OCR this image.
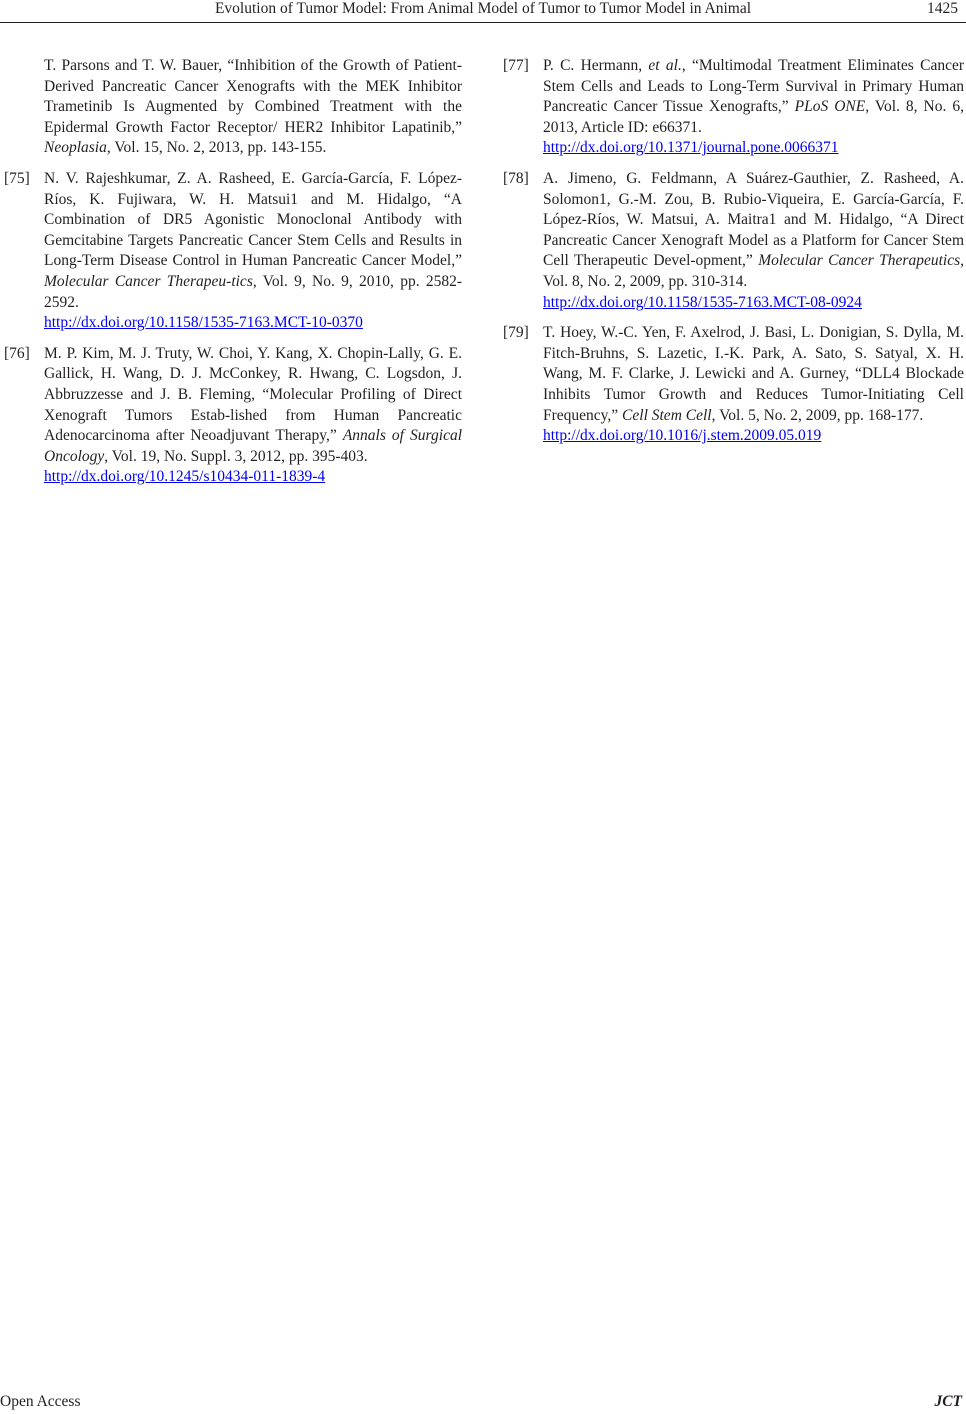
Evolution of Tumor Model: From Animal Model of Tumor to Tumor Model in Animal	1425
T. Parsons and T. W. Bauer, “Inhibition of the Growth of Patient-Derived Pancreatic Cancer Xenografts with the MEK Inhibitor Trametinib Is Augmented by Combined Treatment with the Epidermal Growth Factor Receptor/ HER2 Inhibitor Lapatinib,” Neoplasia, Vol. 15, No. 2, 2013, pp. 143-155.
[75] N. V. Rajeshkumar, Z. A. Rasheed, E. García-García, F. López-Ríos, K. Fujiwara, W. H. Matsui1 and M. Hidalgo, “A Combination of DR5 Agonistic Monoclonal Antibody with Gemcitabine Targets Pancreatic Cancer Stem Cells and Results in Long-Term Disease Control in Human Pancreatic Cancer Model,” Molecular Cancer Therapeu-tics, Vol. 9, No. 9, 2010, pp. 2582-2592.
http://dx.doi.org/10.1158/1535-7163.MCT-10-0370
[76] M. P. Kim, M. J. Truty, W. Choi, Y. Kang, X. Chopin-Lally, G. E. Gallick, H. Wang, D. J. McConkey, R. Hwang, C. Logsdon, J. Abbruzzesse and J. B. Fleming, “Molecular Profiling of Direct Xenograft Tumors Estab-lished from Human Pancreatic Adenocarcinoma after Neoadjuvant Therapy,” Annals of Surgical Oncology, Vol. 19, No. Suppl. 3, 2012, pp. 395-403.
http://dx.doi.org/10.1245/s10434-011-1839-4
[77] P. C. Hermann, et al., “Multimodal Treatment Eliminates Cancer Stem Cells and Leads to Long-Term Survival in Primary Human Pancreatic Cancer Tissue Xenografts,” PLoS ONE, Vol. 8, No. 6, 2013, Article ID: e66371.
http://dx.doi.org/10.1371/journal.pone.0066371
[78] A. Jimeno, G. Feldmann, A Suárez-Gauthier, Z. Rasheed, A. Solomon1, G.-M. Zou, B. Rubio-Viqueira, E. García-García, F. López-Ríos, W. Matsui, A. Maitra1 and M. Hidalgo, “A Direct Pancreatic Cancer Xenograft Model as a Platform for Cancer Stem Cell Therapeutic Devel-opment,” Molecular Cancer Therapeutics, Vol. 8, No. 2, 2009, pp. 310-314.
http://dx.doi.org/10.1158/1535-7163.MCT-08-0924
[79] T. Hoey, W.-C. Yen, F. Axelrod, J. Basi, L. Donigian, S. Dylla, M. Fitch-Bruhns, S. Lazetic, I.-K. Park, A. Sato, S. Satyal, X. H. Wang, M. F. Clarke, J. Lewicki and A. Gurney, “DLL4 Blockade Inhibits Tumor Growth and Reduces Tumor-Initiating Cell Frequency,” Cell Stem Cell, Vol. 5, No. 2, 2009, pp. 168-177.
http://dx.doi.org/10.1016/j.stem.2009.05.019
Open Access	JCT
